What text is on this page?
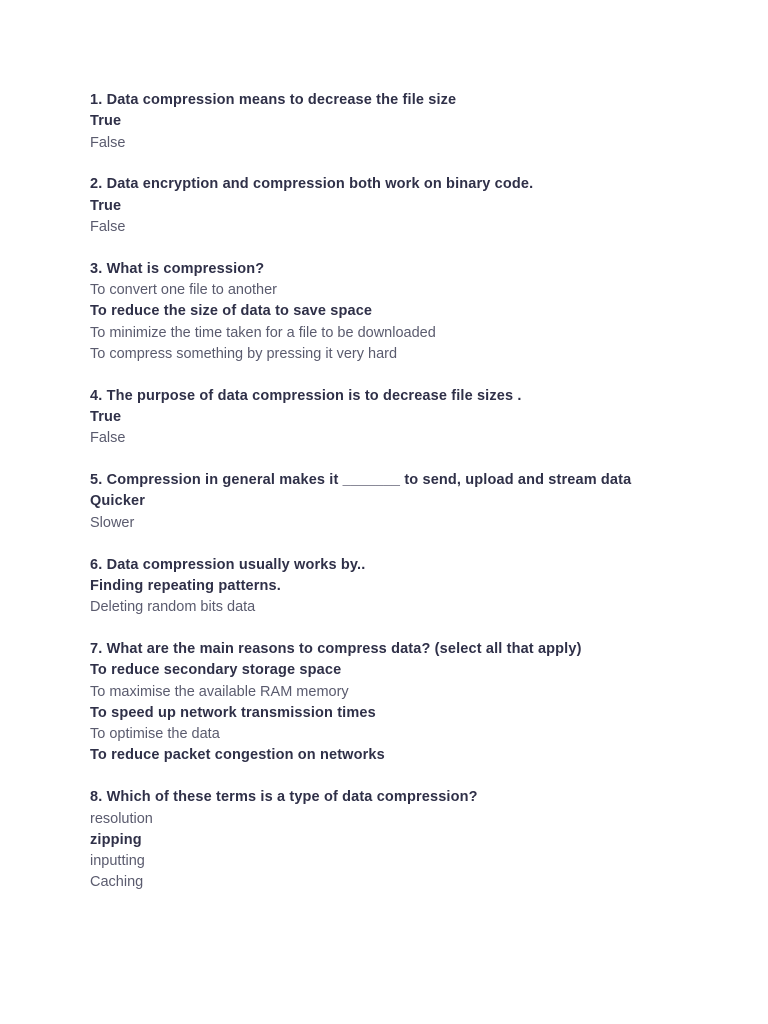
1. Data compression means to decrease the file size
True
False
2. Data encryption and compression both work on binary code.
True
False
3. What is compression?
To convert one file to another
To reduce the size of data to save space
To minimize the time taken for a file to be downloaded
To compress something by pressing it very hard
4. The purpose of data compression is to decrease file sizes .
True
False
5. Compression in general makes it _______ to send, upload and stream data
Quicker
Slower
6. Data compression usually works by..
Finding repeating patterns.
Deleting random bits data
7. What are the main reasons to compress data? (select all that apply)
To reduce secondary storage space
To maximise the available RAM memory
To speed up network transmission times
To optimise the data
To reduce packet congestion on networks
8. Which of these terms is a type of data compression?
resolution
zipping
inputting
Caching
